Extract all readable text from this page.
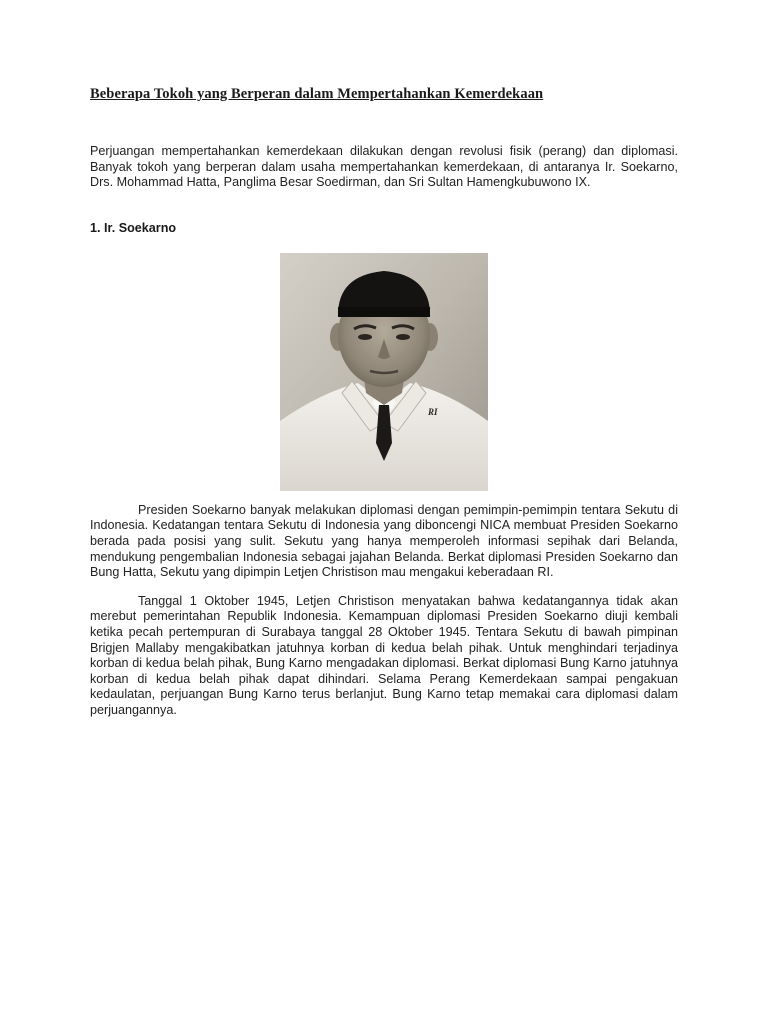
Beberapa Tokoh yang Berperan dalam Mempertahankan Kemerdekaan

Perjuangan mempertahankan kemerdekaan dilakukan dengan revolusi fisik (perang) dan diplomasi. Banyak tokoh yang berperan dalam usaha mempertahankan kemerdekaan, di antaranya Ir. Soekarno, Drs. Mohammad Hatta, Panglima Besar Soedirman, dan Sri Sultan Hamengkubuwono IX.

1. Ir. Soekarno
RI

Presiden Soekarno banyak melakukan diplomasi dengan pemimpin-pemimpin tentara Sekutu di Indonesia. Kedatangan tentara Sekutu di Indonesia yang diboncengi NICA membuat Presiden Soekarno berada pada posisi yang sulit. Sekutu yang hanya memperoleh informasi sepihak dari Belanda, mendukung pengembalian Indonesia sebagai jajahan Belanda. Berkat diplomasi Presiden Soekarno dan Bung Hatta, Sekutu yang dipimpin Letjen Christison mau mengakui keberadaan RI.

Tanggal 1 Oktober 1945, Letjen Christison menyatakan bahwa kedatangannya tidak akan merebut pemerintahan Republik Indonesia. Kemampuan diplomasi Presiden Soekarno diuji kembali ketika pecah pertempuran di Surabaya tanggal 28 Oktober 1945. Tentara Sekutu di bawah pimpinan Brigjen Mallaby mengakibatkan jatuhnya korban di kedua belah pihak. Untuk menghindari terjadinya korban di kedua belah pihak, Bung Karno mengadakan diplomasi. Berkat diplomasi Bung Karno jatuhnya korban di kedua belah pihak dapat dihindari. Selama Perang Kemerdekaan sampai pengakuan kedaulatan, perjuangan Bung Karno terus berlanjut. Bung Karno tetap memakai cara diplomasi dalam perjuangannya.
